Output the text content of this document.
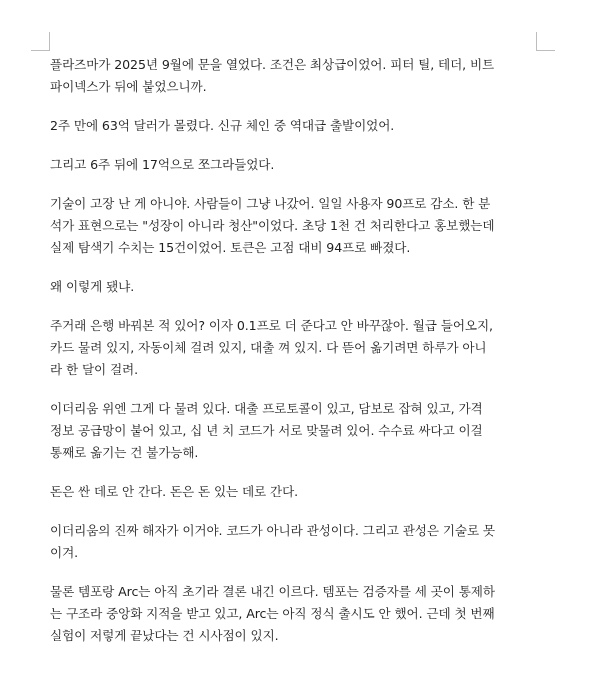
플라즈마가 2025년 9월에 문을 열었다. 조건은 최상급이었어. 피터 틸, 테더, 비트
파이넥스가 뒤에 붙었으니까.

2주 만에 63억 달러가 몰렸다. 신규 체인 중 역대급 출발이었어.

그리고 6주 뒤에 17억으로 쪼그라들었다.

기술이 고장 난 게 아니야. 사람들이 그냥 나갔어. 일일 사용자 90프로 감소. 한 분
석가 표현으로는 "성장이 아니라 청산"이었다. 초당 1천 건 처리한다고 홍보했는데
실제 탐색기 수치는 15건이었어. 토큰은 고점 대비 94프로 빠졌다.

왜 이렇게 됐냐.

주거래 은행 바꿔본 적 있어? 이자 0.1프로 더 준다고 안 바꾸잖아. 월급 들어오지,
카드 물려 있지, 자동이체 걸려 있지, 대출 껴 있지. 다 뜯어 옮기려면 하루가 아니
라 한 달이 걸려.

이더리움 위엔 그게 다 물려 있다. 대출 프로토콜이 있고, 담보로 잡혀 있고, 가격
정보 공급망이 붙어 있고, 십 년 치 코드가 서로 맞물려 있어. 수수료 싸다고 이걸
통째로 옮기는 건 불가능해.

돈은 싼 데로 안 간다. 돈은 돈 있는 데로 간다.

이더리움의 진짜 해자가 이거야. 코드가 아니라 관성이다. 그리고 관성은 기술로 못
이겨.

물론 템포랑 Arc는 아직 초기라 결론 내긴 이르다. 템포는 검증자를 세 곳이 통제하
는 구조라 중앙화 지적을 받고 있고, Arc는 아직 정식 출시도 안 했어. 근데 첫 번째
실험이 저렇게 끝났다는 건 시사점이 있지.
